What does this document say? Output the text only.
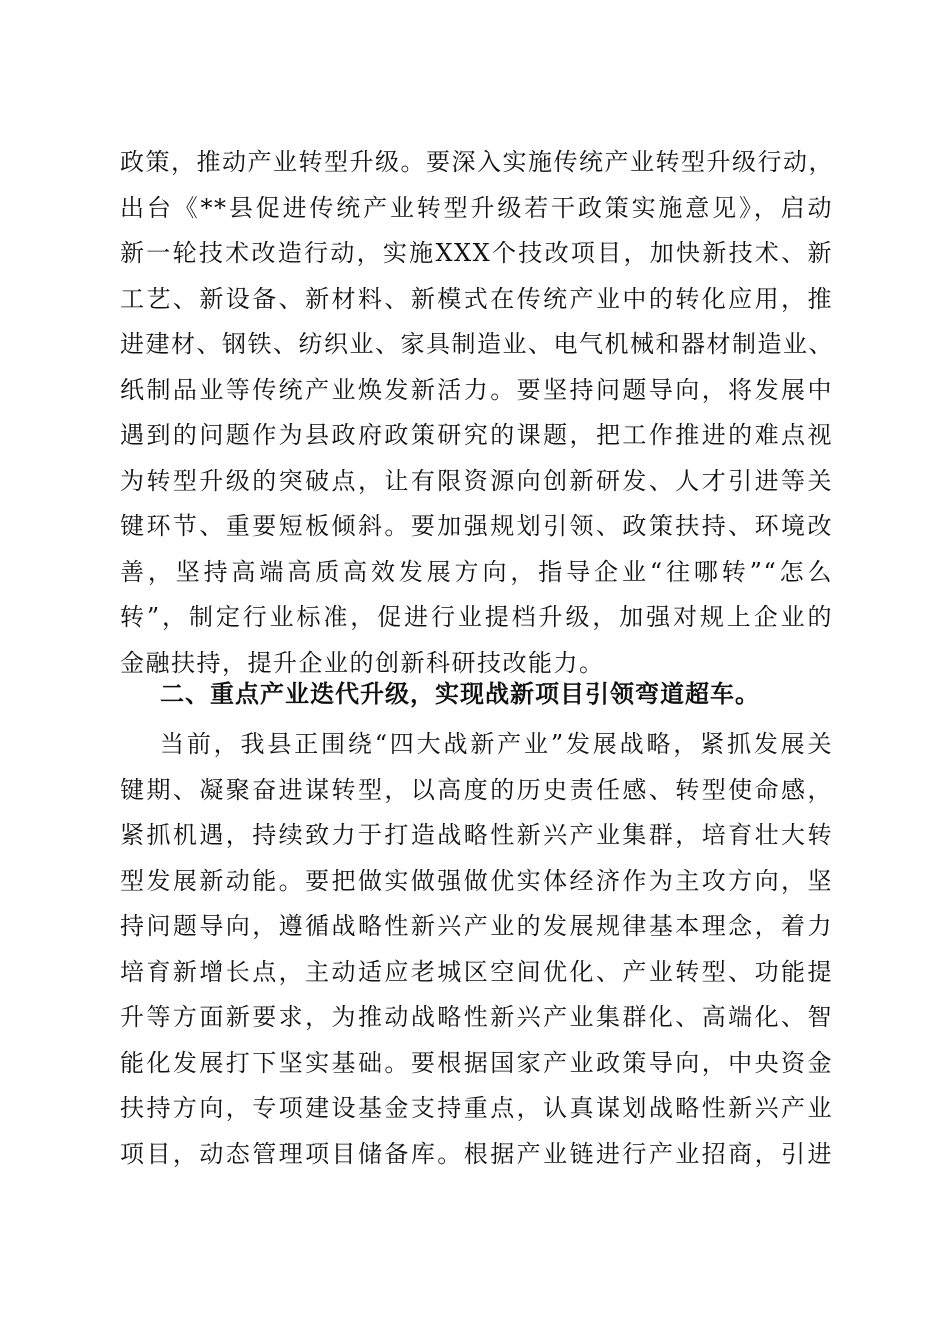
政策，推动产业转型升级。要深入实施传统产业转型升级行动，
出台《**县促进传统产业转型升级若干政策实施意见》，启动
新一轮技术改造行动，实施XXX个技改项目，加快新技术、新
工艺、新设备、新材料、新模式在传统产业中的转化应用，推
进建材、钢铁、纺织业、家具制造业、电气机械和器材制造业、
纸制品业等传统产业焕发新活力。要坚持问题导向，将发展中
遇到的问题作为县政府政策研究的课题，把工作推进的难点视
为转型升级的突破点，让有限资源向创新研发、人才引进等关
键环节、重要短板倾斜。要加强规划引领、政策扶持、环境改
善，坚持高端高质高效发展方向，指导企业“往哪转”“怎么
转”，制定行业标准，促进行业提档升级，加强对规上企业的
金融扶持，提升企业的创新科研技改能力。
二、重点产业迭代升级，实现战新项目引领弯道超车。
当前，我县正围绕“四大战新产业”发展战略，紧抓发展关
键期、凝聚奋进谋转型，以高度的历史责任感、转型使命感，
紧抓机遇，持续致力于打造战略性新兴产业集群，培育壮大转
型发展新动能。要把做实做强做优实体经济作为主攻方向，坚
持问题导向，遵循战略性新兴产业的发展规律基本理念，着力
培育新增长点，主动适应老城区空间优化、产业转型、功能提
升等方面新要求，为推动战略性新兴产业集群化、高端化、智
能化发展打下坚实基础。要根据国家产业政策导向，中央资金
扶持方向，专项建设基金支持重点，认真谋划战略性新兴产业
项目，动态管理项目储备库。根据产业链进行产业招商，引进
